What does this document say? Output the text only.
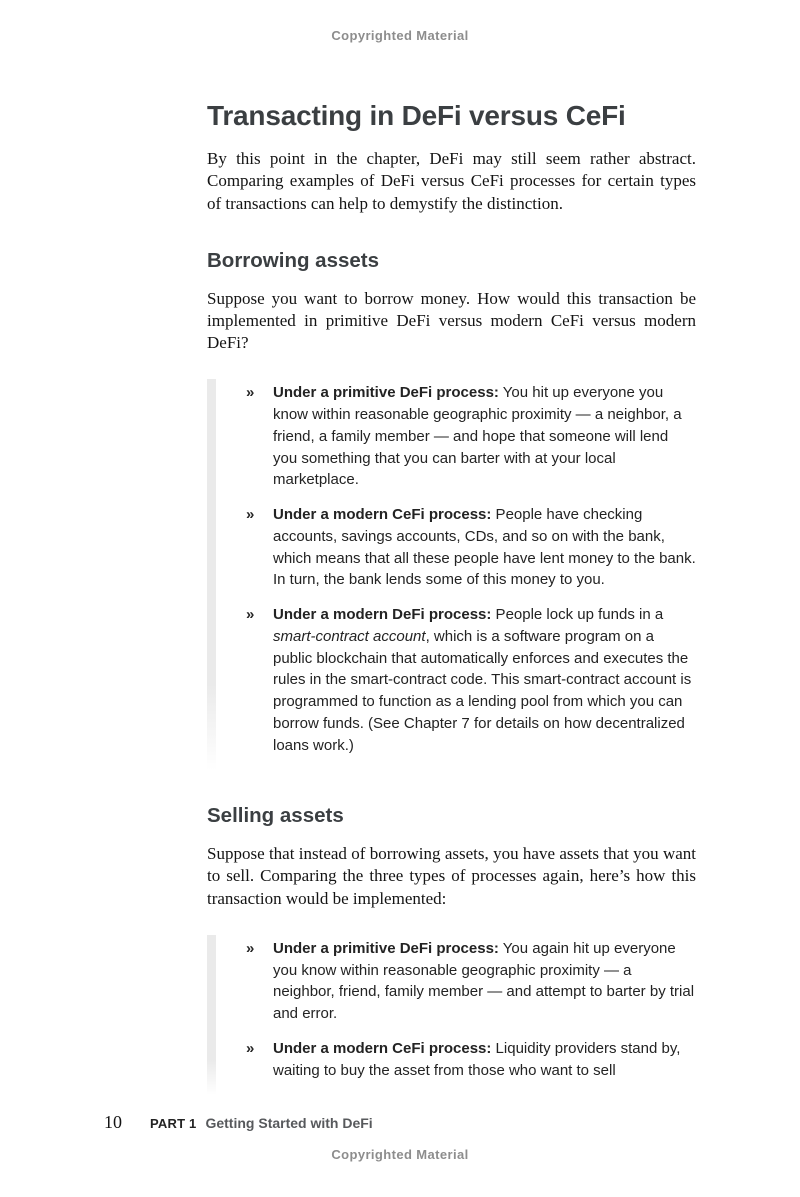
Copyrighted Material
Transacting in DeFi versus CeFi

By this point in the chapter, DeFi may still seem rather abstract. Comparing examples of DeFi versus CeFi processes for certain types of transactions can help to demystify the distinction.

Borrowing assets

Suppose you want to borrow money. How would this transaction be implemented in primitive DeFi versus modern CeFi versus modern DeFi?

»	Under a primitive DeFi process: You hit up everyone you know within reasonable geographic proximity — a neighbor, a friend, a family member — and hope that someone will lend you something that you can barter with at your local marketplace.
»	Under a modern CeFi process: People have checking accounts, savings accounts, CDs, and so on with the bank, which means that all these people have lent money to the bank. In turn, the bank lends some of this money to you.
»	Under a modern DeFi process: People lock up funds in a smart-contract account, which is a software program on a public blockchain that automatically enforces and executes the rules in the smart-contract code. This smart-contract account is programmed to function as a lending pool from which you can borrow funds. (See Chapter 7 for details on how decentralized loans work.)
Selling assets

Suppose that instead of borrowing assets, you have assets that you want to sell. Comparing the three types of processes again, here’s how this transaction would be implemented:

»	Under a primitive DeFi process: You again hit up everyone you know within reasonable geographic proximity — a neighbor, friend, family member — and attempt to barter by trial and error.
»	Under a modern CeFi process: Liquidity providers stand by, waiting to buy the asset from those who want to sell
10 PART 1 Getting Started with DeFi
Copyrighted Material
